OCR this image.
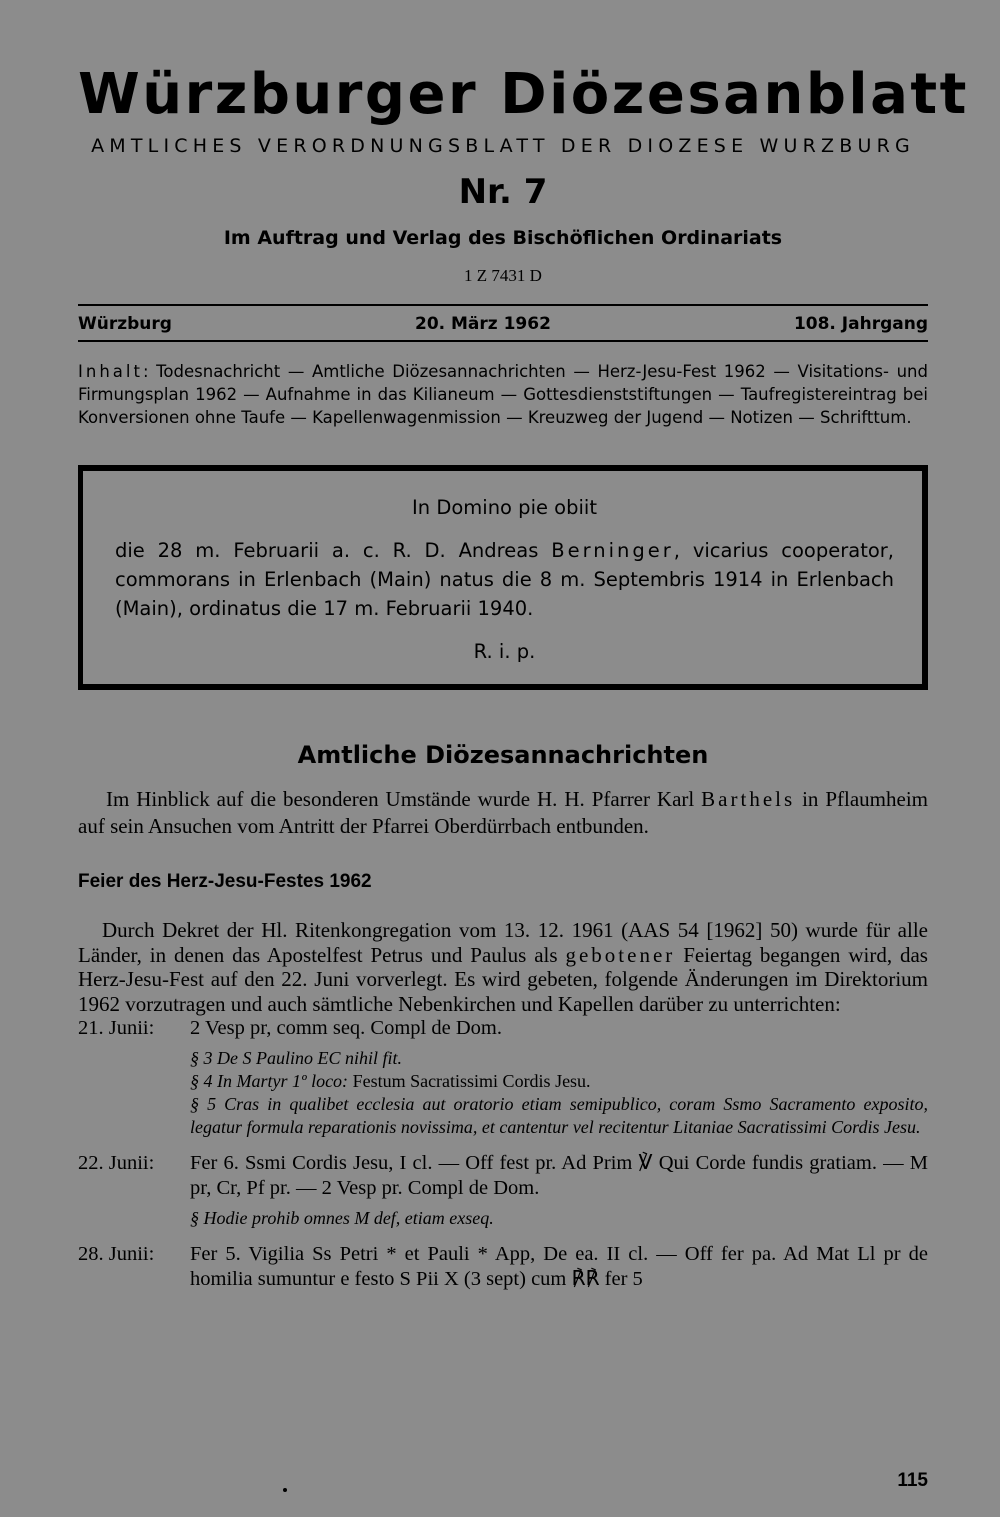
Würzburger Diözesanblatt
AMTLICHES VERORDNUNGSBLATT DER DIOZESE WURZBURG
Nr. 7
Im Auftrag und Verlag des Bischöflichen Ordinariats
1 Z 7431 D
Würzburg	20. März 1962	108. Jahrgang
Inhalt: Todesnachricht — Amtliche Diözesannachrichten — Herz-Jesu-Fest 1962 — Visitations- und Firmungsplan 1962 — Aufnahme in das Kilianeum — Gottesdienststiftungen — Taufregistereintrag bei Konversionen ohne Taufe — Kapellenwagenmission — Kreuzweg der Jugend — Notizen — Schrifttum.
In Domino pie obiit
die 28 m. Februarii a. c. R. D. Andreas Berninger, vicarius cooperator, commorans in Erlenbach (Main) natus die 8 m. Septembris 1914 in Erlenbach (Main), ordinatus die 17 m. Februarii 1940.
R. i. p.
Amtliche Diözesannachrichten
Im Hinblick auf die besonderen Umstände wurde H. H. Pfarrer Karl Barthels in Pflaumheim auf sein Ansuchen vom Antritt der Pfarrei Oberdürrbach entbunden.
Feier des Herz-Jesu-Festes 1962
Durch Dekret der Hl. Ritenkongregation vom 13. 12. 1961 (AAS 54 [1962] 50) wurde für alle Länder, in denen das Apostelfest Petrus und Paulus als gebotener Feiertag begangen wird, das Herz-Jesu-Fest auf den 22. Juni vorverlegt. Es wird gebeten, folgende Änderungen im Direktorium 1962 vorzutragen und auch sämtliche Nebenkirchen und Kapellen darüber zu unterrichten:
21. Junii:	2 Vesp pr, comm seq. Compl de Dom.
§ 3 De S Paulino EC nihil fit.
§ 4 In Martyr 1º loco: Festum Sacratissimi Cordis Jesu.
§ 5 Cras in qualibet ecclesia aut oratorio etiam semipublico, coram Ssmo Sacramento exposito, legatur formula reparationis novissima, et cantentur vel recitentur Litaniae Sacratissimi Cordis Jesu.
22. Junii:	Fer 6. Ssmi Cordis Jesu, I cl. — Off fest pr. Ad Prim ℣ Qui Corde fundis gratiam. — M pr, Cr, Pf pr. — 2 Vesp pr. Compl de Dom.
§ Hodie prohib omnes M def, etiam exseq.
28. Junii:	Fer 5. Vigilia Ss Petri * et Pauli * App, De ea. II cl. — Off fer pa. Ad Mat Ll pr de homilia sumuntur e festo S Pii X (3 sept) cum ℟℟ fer 5
115
